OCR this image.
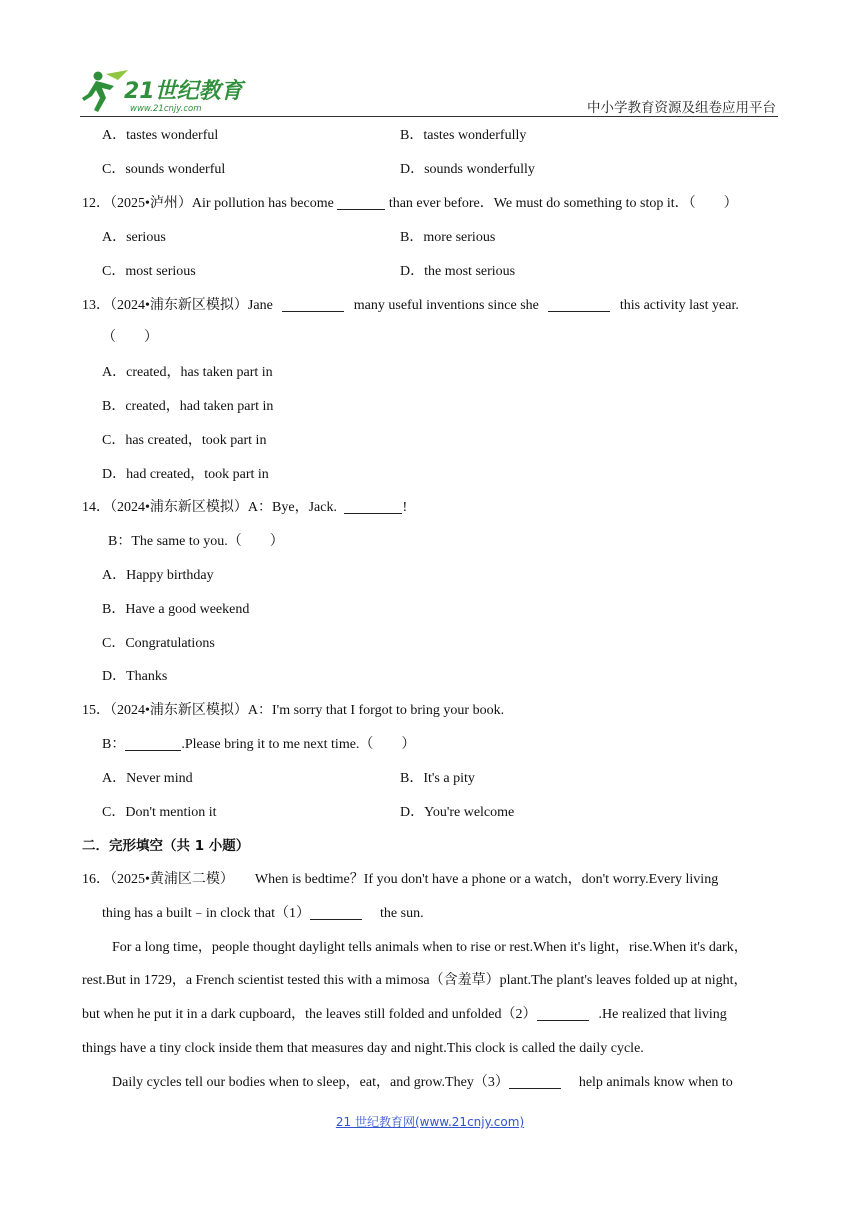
21世纪教育
www.21cnjy.com	中小学教育资源及组卷应用平台
A．tastes wonderful	B．tastes wonderfully
C．sounds wonderful	D．sounds wonderfully
12．（2025•泸州）Air pollution has become	than ever before．We must do something to stop it．（　　）
A．serious	B．more serious
C．most serious	D．the most serious
13．（2024•浦东新区模拟）Jane	many useful inventions since she	this activity last year.
（　　）
A．created，has taken part in
B．created，had taken part in
C．has created，took part in
D．had created，took part in
14．（2024•浦东新区模拟）A：Bye，Jack.	!
B：The same to you.（　　）
A．Happy birthday
B．Have a good weekend
C．Congratulations
D．Thanks
15．（2024•浦东新区模拟）A：I'm sorry that I forgot to bring your book.
B：	.Please bring it to me next time.（　　）
A．Never mind	B．It's a pity
C．Don't mention it	D．You're welcome
二．完形填空（共 1 小题）
16．（2025•黄浦区二模）　　When is bedtime？If you don't have a phone or a watch，don't worry.Every living
thing has a built﹣in clock that（1）	the sun.
For a long time，people thought daylight tells animals when to rise or rest.When it's light，rise.When it's dark，
rest.But in 1729，a French scientist tested this with a mimosa（含羞草）plant.The plant's leaves folded up at night，
but when he put it in a dark cupboard，the leaves still folded and unfolded（2）	.He realized that living
things have a tiny clock inside them that measures day and night.This clock is called the daily cycle.
Daily cycles tell our bodies when to sleep，eat，and grow.They（3）	help animals know when to
21 世纪教育网(www.21cnjy.com)
